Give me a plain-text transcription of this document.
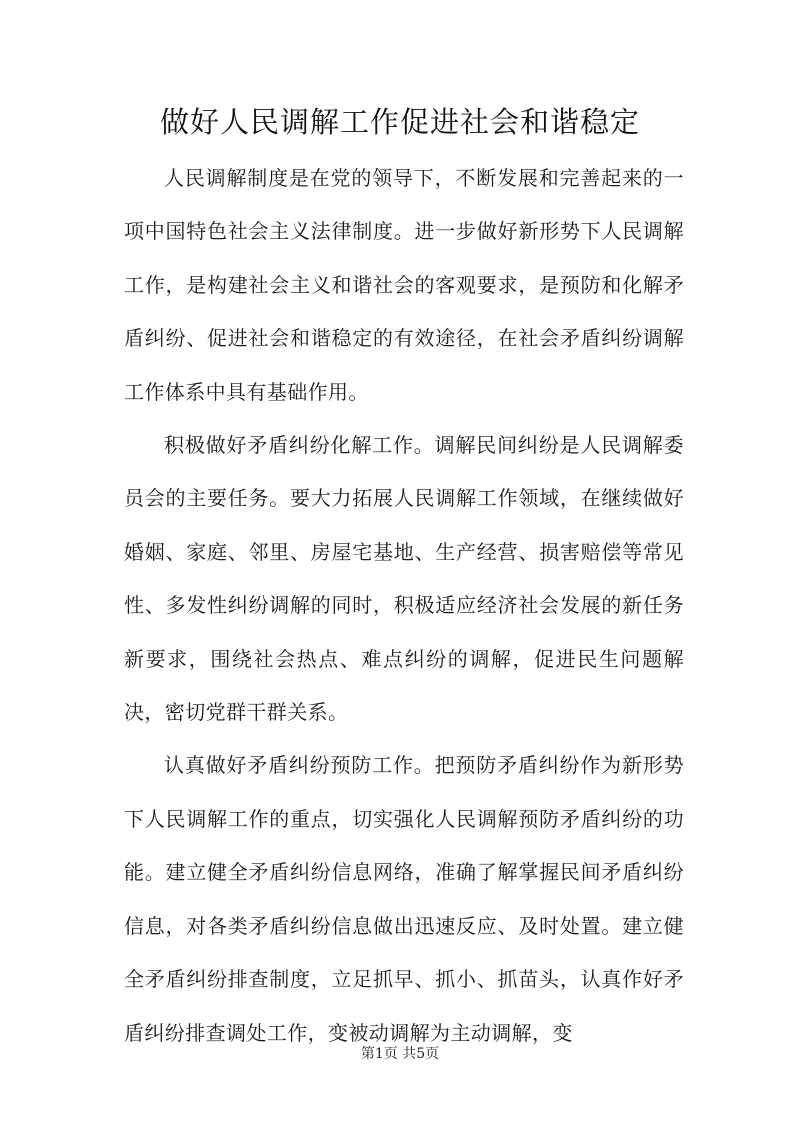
做好人民调解工作促进社会和谐稳定

人民调解制度是在党的领导下，不断发展和完善起来的一项中国特色社会主义法律制度。进一步做好新形势下人民调解工作，是构建社会主义和谐社会的客观要求，是预防和化解矛盾纠纷、促进社会和谐稳定的有效途径，在社会矛盾纠纷调解工作体系中具有基础作用。

积极做好矛盾纠纷化解工作。调解民间纠纷是人民调解委员会的主要任务。要大力拓展人民调解工作领域，在继续做好婚姻、家庭、邻里、房屋宅基地、生产经营、损害赔偿等常见性、多发性纠纷调解的同时，积极适应经济社会发展的新任务新要求，围绕社会热点、难点纠纷的调解，促进民生问题解决，密切党群干群关系。

认真做好矛盾纠纷预防工作。把预防矛盾纠纷作为新形势下人民调解工作的重点，切实强化人民调解预防矛盾纠纷的功能。建立健全矛盾纠纷信息网络，准确了解掌握民间矛盾纠纷信息，对各类矛盾纠纷信息做出迅速反应、及时处置。建立健全矛盾纠纷排查制度，立足抓早、抓小、抓苗头，认真作好矛盾纠纷排查调处工作，变被动调解为主动调解，变

第1页 共5页
